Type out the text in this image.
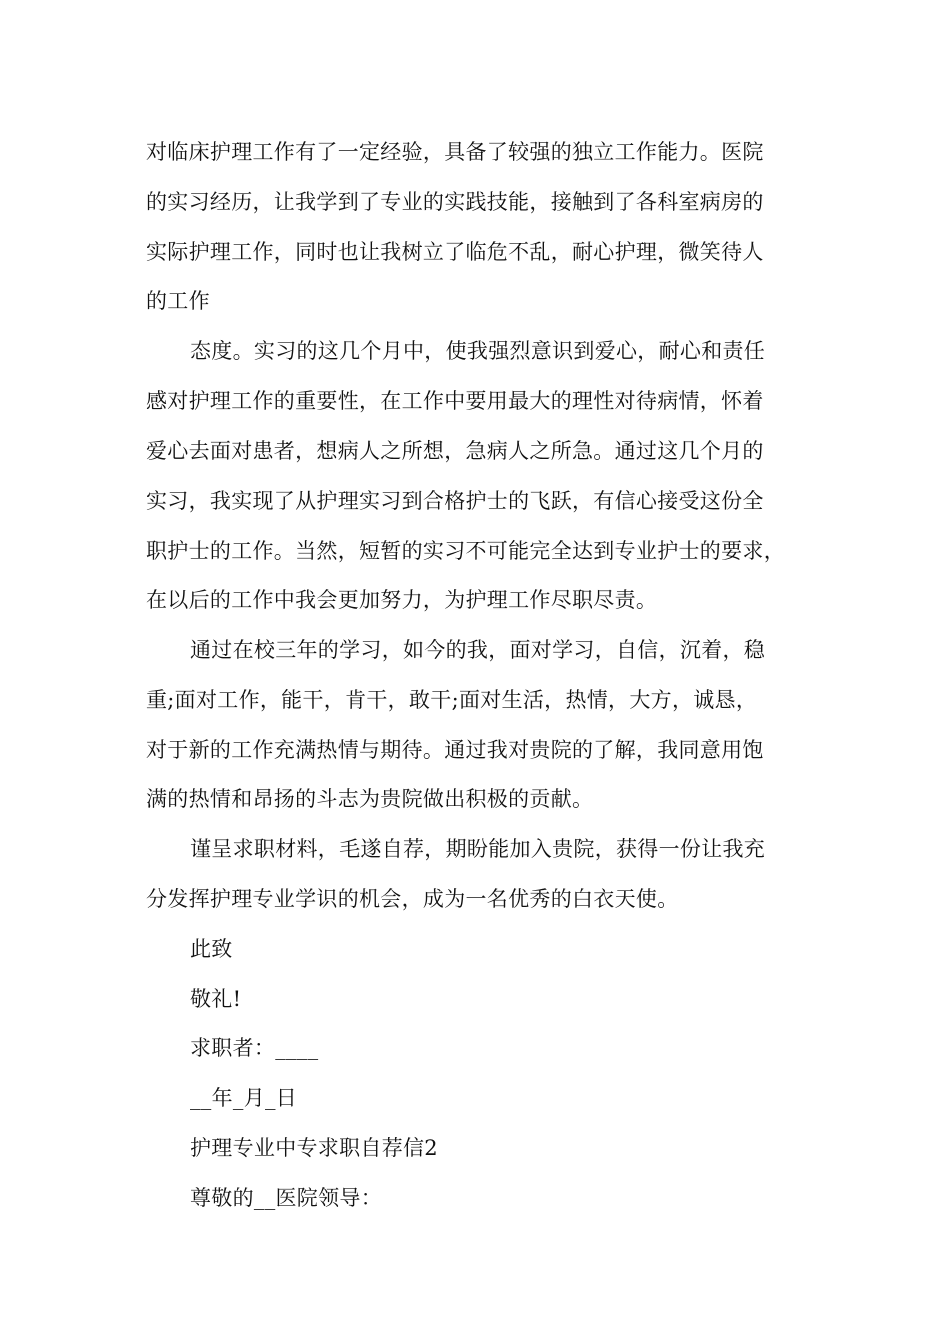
对临床护理工作有了一定经验，具备了较强的独立工作能力。医院
的实习经历，让我学到了专业的实践技能，接触到了各科室病房的
实际护理工作，同时也让我树立了临危不乱，耐心护理，微笑待人
的工作
态度。实习的这几个月中，使我强烈意识到爱心，耐心和责任
感对护理工作的重要性，在工作中要用最大的理性对待病情，怀着
爱心去面对患者，想病人之所想，急病人之所急。通过这几个月的
实习，我实现了从护理实习到合格护士的飞跃，有信心接受这份全
职护士的工作。当然，短暂的实习不可能完全达到专业护士的要求，
在以后的工作中我会更加努力，为护理工作尽职尽责。
通过在校三年的学习，如今的我，面对学习，自信，沉着，稳
重;面对工作，能干，肯干，敢干;面对生活，热情，大方，诚恳，
对于新的工作充满热情与期待。通过我对贵院的了解，我同意用饱
满的热情和昂扬的斗志为贵院做出积极的贡献。
谨呈求职材料，毛遂自荐，期盼能加入贵院，获得一份让我充
分发挥护理专业学识的机会，成为一名优秀的白衣天使。
此致
敬礼!
求职者：____
__年_月_日
护理专业中专求职自荐信2
尊敬的__医院领导：
